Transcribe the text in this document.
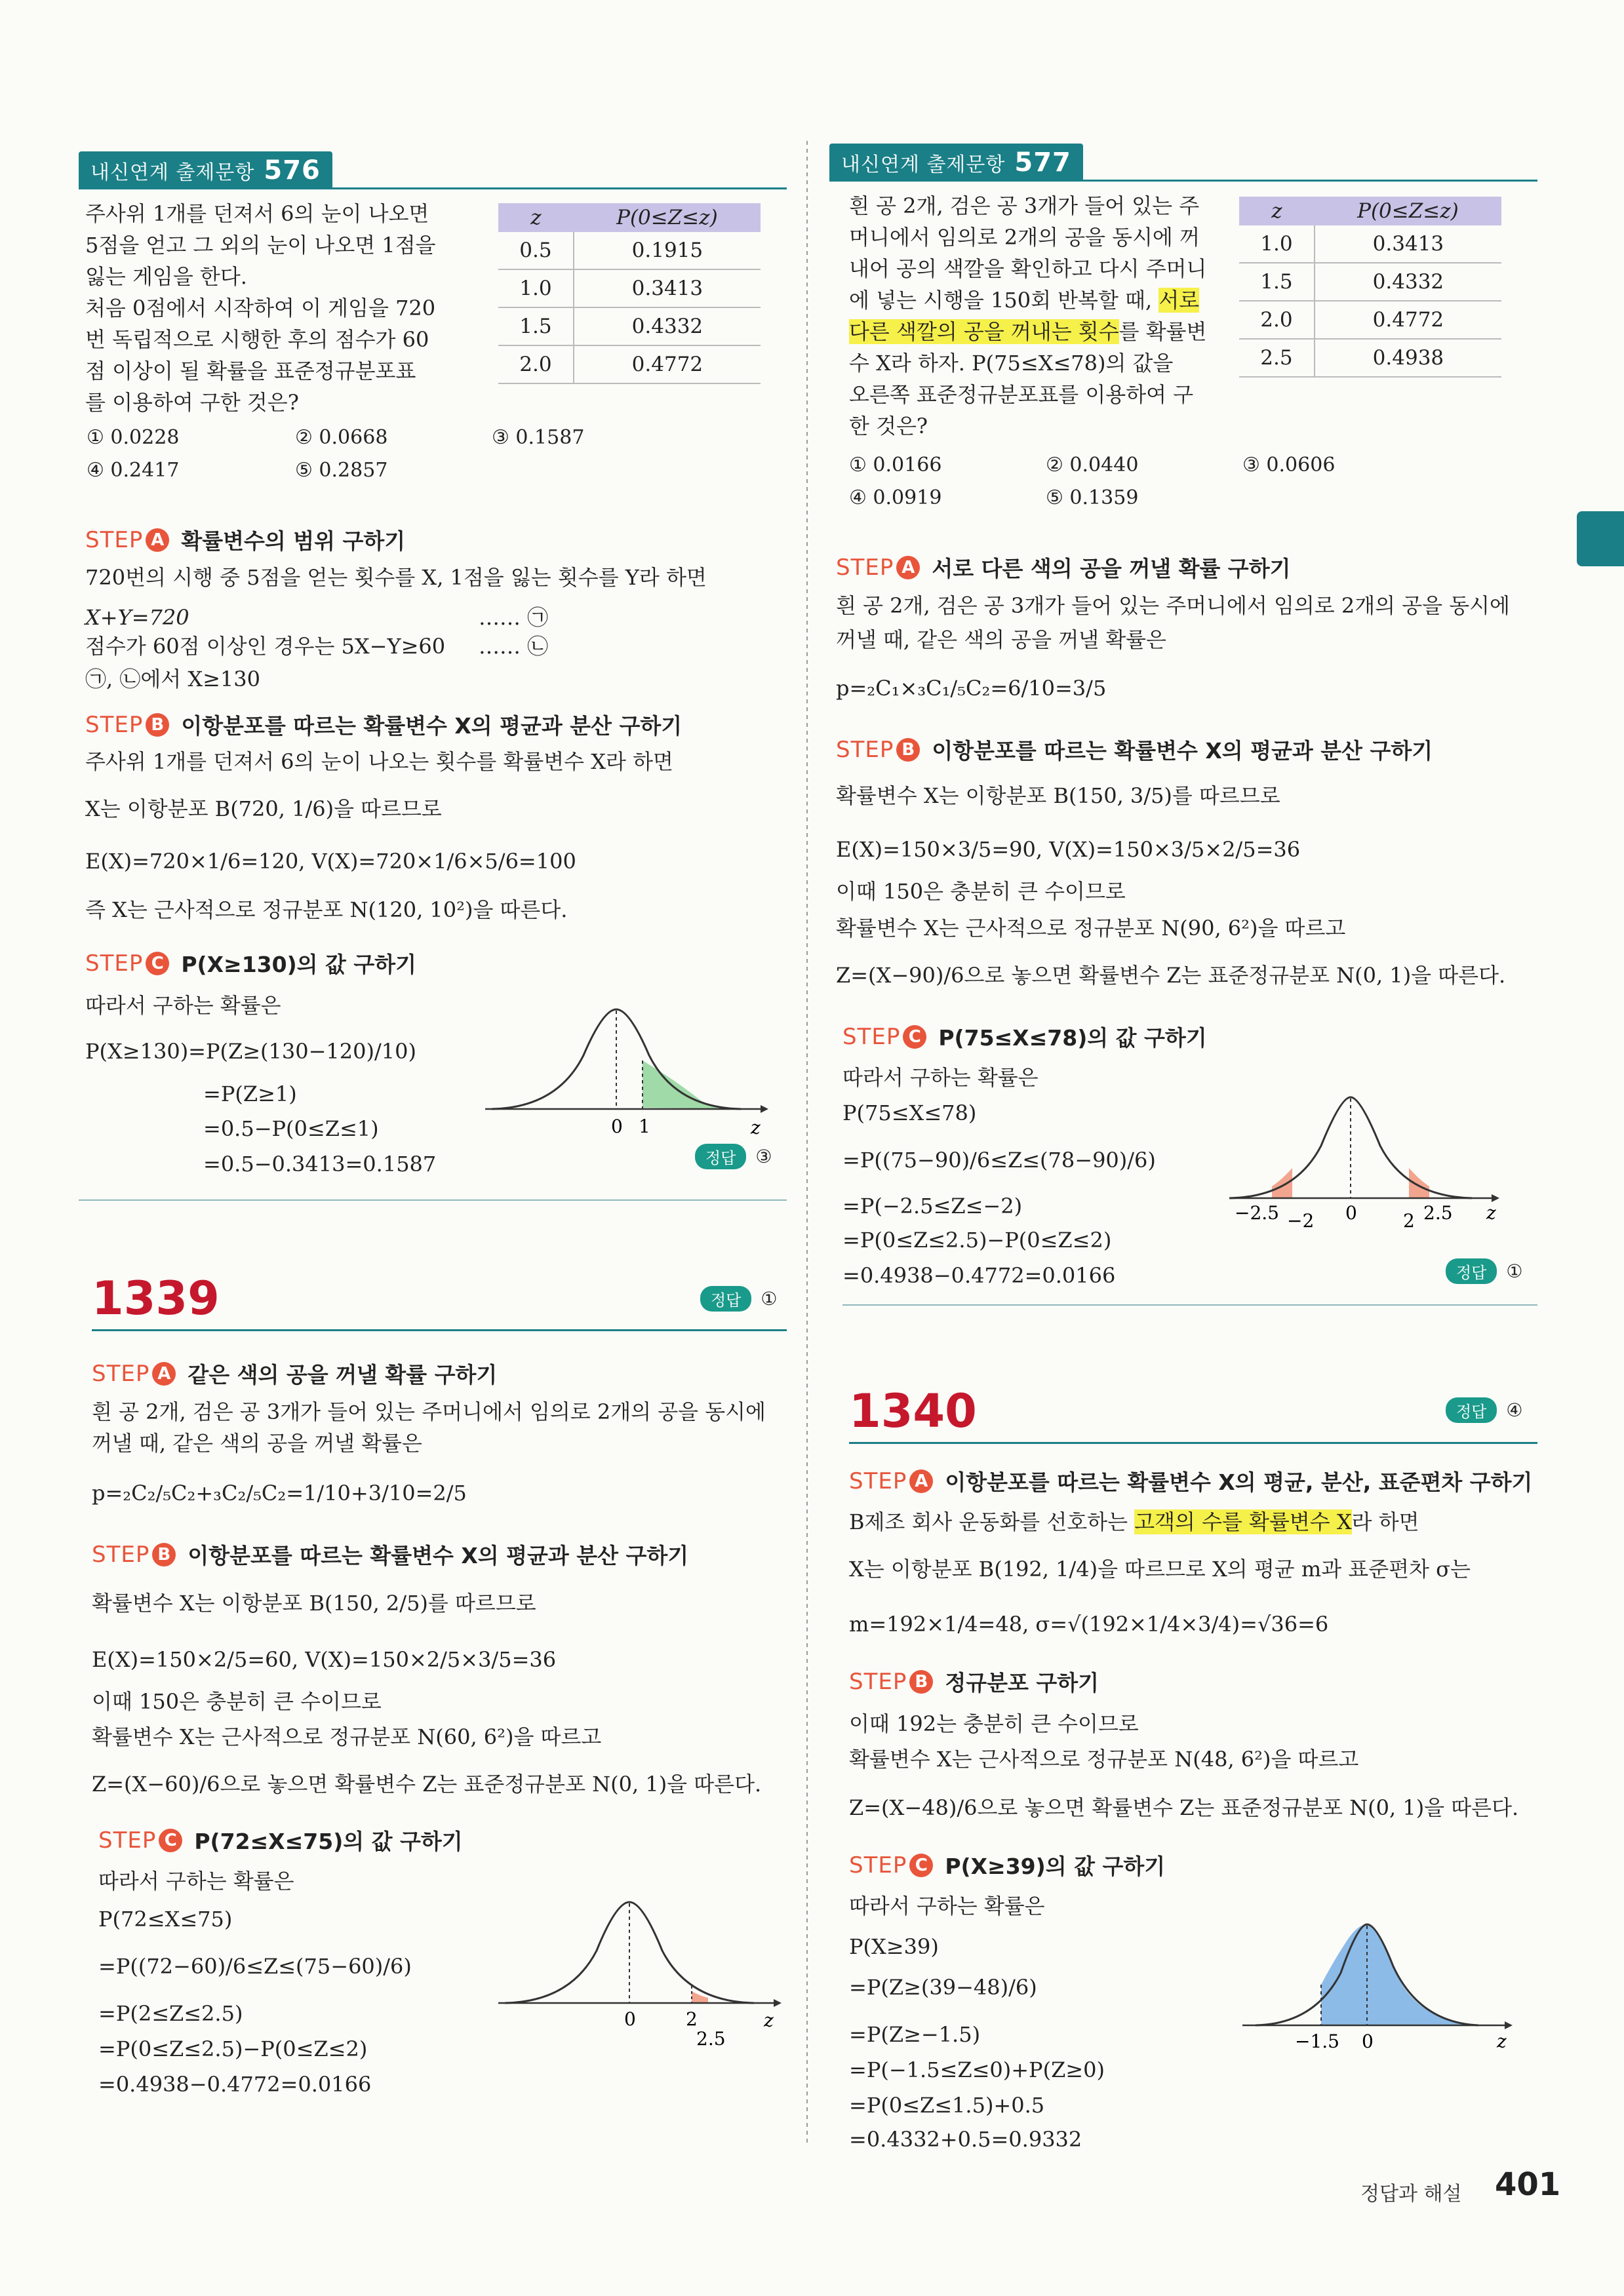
내신연계 출제문항 576
주사위 1개를 던져서 6의 눈이 나오면
5점을 얻고 그 외의 눈이 나오면 1점을
잃는 게임을 한다.
처음 0점에서 시작하여 이 게임을 720
번 독립적으로 시행한 후의 점수가 60
점 이상이 될 확률을 표준정규분포표
를 이용하여 구한 것은?
z	P(0≤Z≤z)
0.5	0.1915
1.0	0.3413
1.5	0.4332
2.0	0.4772
① 0.0228	② 0.0668	③ 0.1587
④ 0.2417	⑤ 0.2857
STEP A 확률변수의 범위 구하기
720번의 시행 중 5점을 얻는 횟수를 X, 1점을 잃는 횟수를 Y라 하면
X+Y=720	…… ㉠
점수가 60점 이상인 경우는 5X−Y≥60 …… ㉡
㉠, ㉡에서 X≥130
STEP B 이항분포를 따르는 확률변수 X의 평균과 분산 구하기
주사위 1개를 던져서 6의 눈이 나오는 횟수를 확률변수 X라 하면
X는 이항분포 B(720, 1/6)을 따르므로
E(X)=720×1/6=120, V(X)=720×1/6×5/6=100
즉 X는 근사적으로 정규분포 N(120, 10²)을 따른다.
STEP C P(X≥130)의 값 구하기
따라서 구하는 확률은
P(X≥130)=P(Z≥(130−120)/10)
=P(Z≥1)
=0.5−P(0≤Z≤1)
=0.5−0.3413=0.1587
0 1	z
정답	③
1339	정답	①
STEP A 같은 색의 공을 꺼낼 확률 구하기
흰 공 2개, 검은 공 3개가 들어 있는 주머니에서 임의로 2개의 공을 동시에
꺼낼 때, 같은 색의 공을 꺼낼 확률은
p=₂C₂/₅C₂+₃C₂/₅C₂=1/10+3/10=2/5
STEP B 이항분포를 따르는 확률변수 X의 평균과 분산 구하기
확률변수 X는 이항분포 B(150, 2/5)를 따르므로
E(X)=150×2/5=60, V(X)=150×2/5×3/5=36
이때 150은 충분히 큰 수이므로
확률변수 X는 근사적으로 정규분포 N(60, 6²)을 따르고
Z=(X−60)/6으로 놓으면 확률변수 Z는 표준정규분포 N(0, 1)을 따른다.
STEP C P(72≤X≤75)의 값 구하기
따라서 구하는 확률은
P(72≤X≤75)
=P((72−60)/6≤Z≤(75−60)/6)
=P(2≤Z≤2.5)
=P(0≤Z≤2.5)−P(0≤Z≤2)
=0.4938−0.4772=0.0166
0	2
2.5
z
내신연계 출제문항 577
흰 공 2개, 검은 공 3개가 들어 있는 주
머니에서 임의로 2개의 공을 동시에 꺼
내어 공의 색깔을 확인하고 다시 주머니
에 넣는 시행을 150회 반복할 때, 서로
다른 색깔의 공을 꺼내는 횟수를 확률변
수 X라 하자. P(75≤X≤78)의 값을
오른쪽 표준정규분포표를 이용하여 구
한 것은?
z	P(0≤Z≤z)
1.0	0.3413
1.5	0.4332
2.0	0.4772
2.5	0.4938
① 0.0166	② 0.0440	③ 0.0606
④ 0.0919	⑤ 0.1359
STEP A 서로 다른 색의 공을 꺼낼 확률 구하기
흰 공 2개, 검은 공 3개가 들어 있는 주머니에서 임의로 2개의 공을 동시에
꺼낼 때, 같은 색의 공을 꺼낼 확률은
p=₂C₁×₃C₁/₅C₂=6/10=3/5
STEP B 이항분포를 따르는 확률변수 X의 평균과 분산 구하기
확률변수 X는 이항분포 B(150, 3/5)를 따르므로
E(X)=150×3/5=90, V(X)=150×3/5×2/5=36
이때 150은 충분히 큰 수이므로
확률변수 X는 근사적으로 정규분포 N(90, 6²)을 따르고
Z=(X−90)/6으로 놓으면 확률변수 Z는 표준정규분포 N(0, 1)을 따른다.
STEP C P(75≤X≤78)의 값 구하기
따라서 구하는 확률은
P(75≤X≤78)
=P((75−90)/6≤Z≤(78−90)/6)
=P(−2.5≤Z≤−2)
=P(0≤Z≤2.5)−P(0≤Z≤2)
=0.4938−0.4772=0.0166
−2.5 −2 0	2 2.5 z
정답	①
1340	정답	④
STEP A 이항분포를 따르는 확률변수 X의 평균, 분산, 표준편차 구하기
B제조 회사 운동화를 선호하는 고객의 수를 확률변수 X라 하면
X는 이항분포 B(192, 1/4)을 따르므로 X의 평균 m과 표준편차 σ는
m=192×1/4=48, σ=√(192×1/4×3/4)=√36=6
STEP B 정규분포 구하기
이때 192는 충분히 큰 수이므로
확률변수 X는 근사적으로 정규분포 N(48, 6²)을 따르고
Z=(X−48)/6으로 놓으면 확률변수 Z는 표준정규분포 N(0, 1)을 따른다.
STEP C P(X≥39)의 값 구하기
따라서 구하는 확률은
P(X≥39)
=P(Z≥(39−48)/6)
=P(Z≥−1.5)
=P(−1.5≤Z≤0)+P(Z≥0)
=P(0≤Z≤1.5)+0.5
=0.4332+0.5=0.9332
−1.5 0	z
정답과 해설 401
